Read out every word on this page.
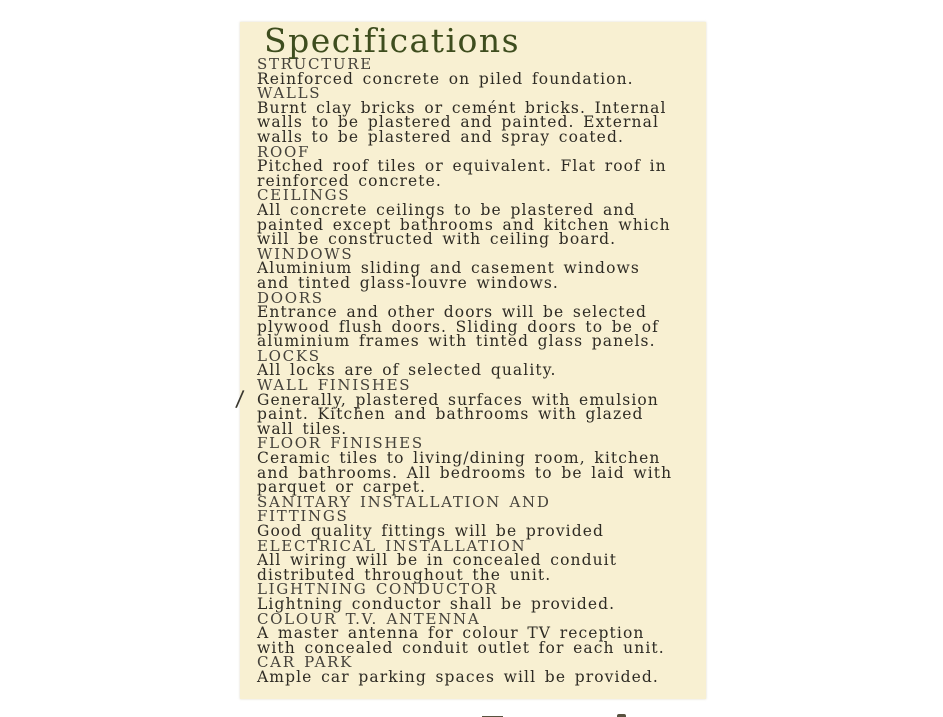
Specifications
STRUCTURE
Reinforced concrete on piled foundation.
WALLS
Burnt clay bricks or cemént bricks. Internal
walls to be plastered and painted. External
walls to be plastered and spray coated.
ROOF
Pitched roof tiles or equivalent. Flat roof in
reinforced concrete.
CEILINGS
All concrete ceilings to be plastered and
painted except bathrooms and kitchen which
will be constructed with ceiling board.
WINDOWS
Aluminium sliding and casement windows
and tinted glass-louvre windows.
DOORS
Entrance and other doors will be selected
plywood flush doors. Sliding doors to be of
aluminium frames with tinted glass panels.
LOCKS
All locks are of selected quality.
WALL FINISHES
Generally, plastered surfaces with emulsion
paint. Kitchen and bathrooms with glazed
wall tiles.
FLOOR FINISHES
Ceramic tiles to living/dining room, kitchen
and bathrooms. All bedrooms to be laid with
parquet or carpet.
SANITARY INSTALLATION AND
FITTINGS
Good quality fittings will be provided
ELECTRICAL INSTALLATION
All wiring will be in concealed conduit
distributed throughout the unit.
LIGHTNING CONDUCTOR
Lightning conductor shall be provided.
COLOUR T.V. ANTENNA
A master antenna for colour TV reception
with concealed conduit outlet for each unit.
CAR PARK
Ample car parking spaces will be provided.
/
